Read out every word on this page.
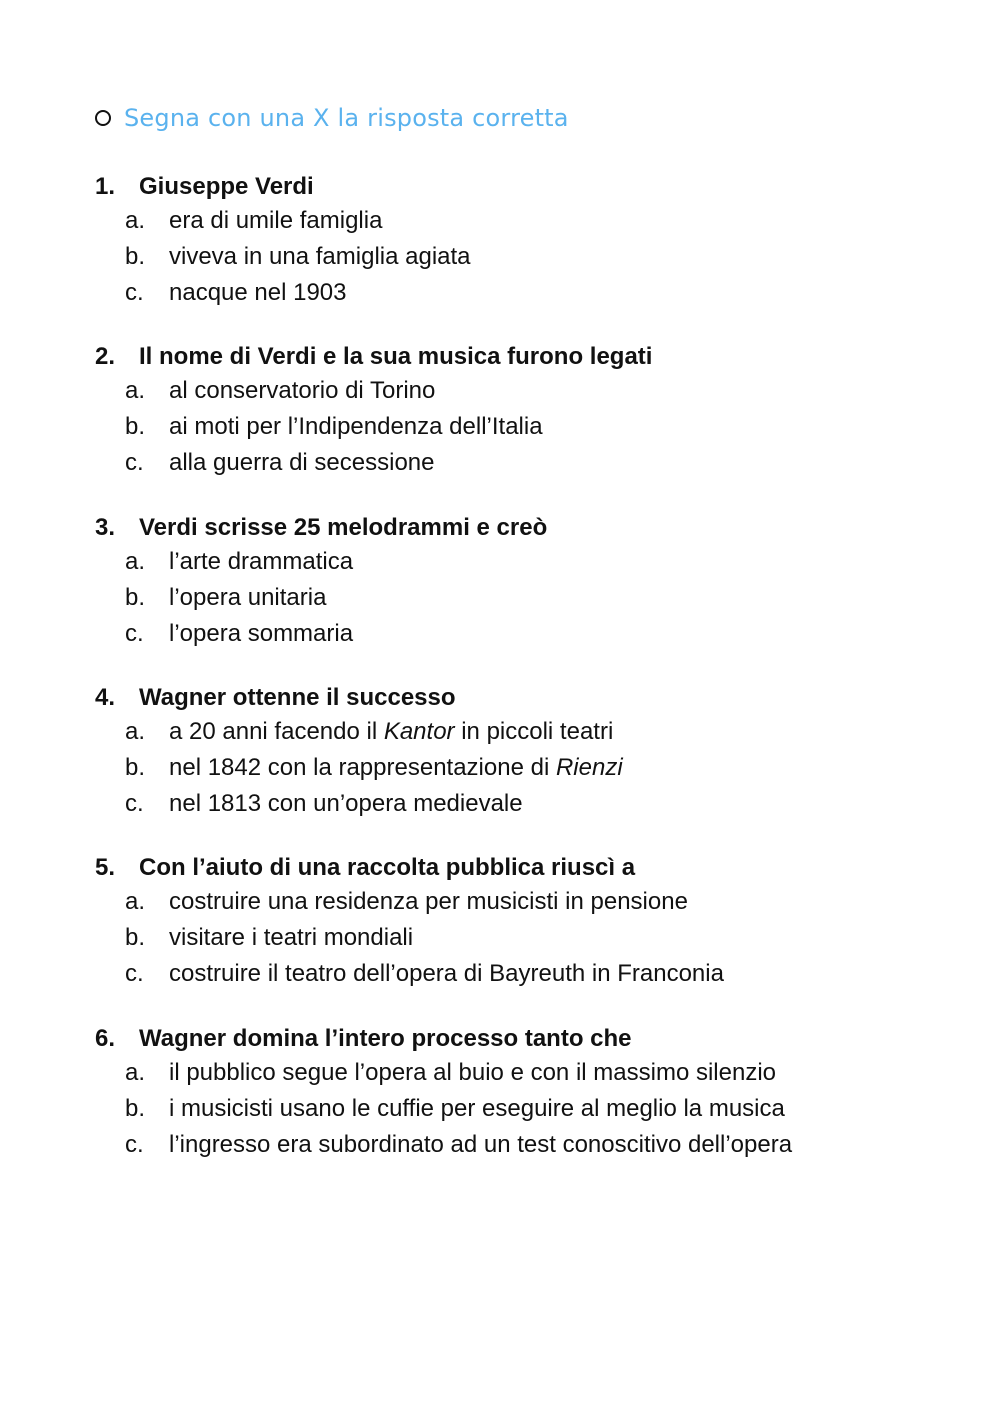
Segna con una X la risposta corretta
1. Giuseppe Verdi
a. era di umile famiglia
b. viveva in una famiglia agiata
c.	nacque nel 1903
2. Il nome di Verdi e la sua musica furono legati
a. al conservatorio di Torino
b. ai moti per l’Indipendenza dell’Italia
c.	alla guerra di secessione
3. Verdi scrisse 25 melodrammi e creò
a. l’arte drammatica
b. l’opera unitaria
c.	l’opera sommaria
4. Wagner ottenne il successo
a. a 20 anni facendo il Kantor in piccoli teatri
b. nel 1842 con la rappresentazione di Rienzi
c.	nel 1813 con un’opera medievale
5. Con l’aiuto di una raccolta pubblica riuscì a
a. costruire una residenza per musicisti in pensione
b. visitare i teatri mondiali
c.	costruire il teatro dell’opera di Bayreuth in Franconia
6. Wagner domina l’intero processo tanto che
a. il pubblico segue l’opera al buio e con il massimo silenzio
b. i musicisti usano le cuffie per eseguire al meglio la musica
c.	l’ingresso era subordinato ad un test conoscitivo dell’opera
